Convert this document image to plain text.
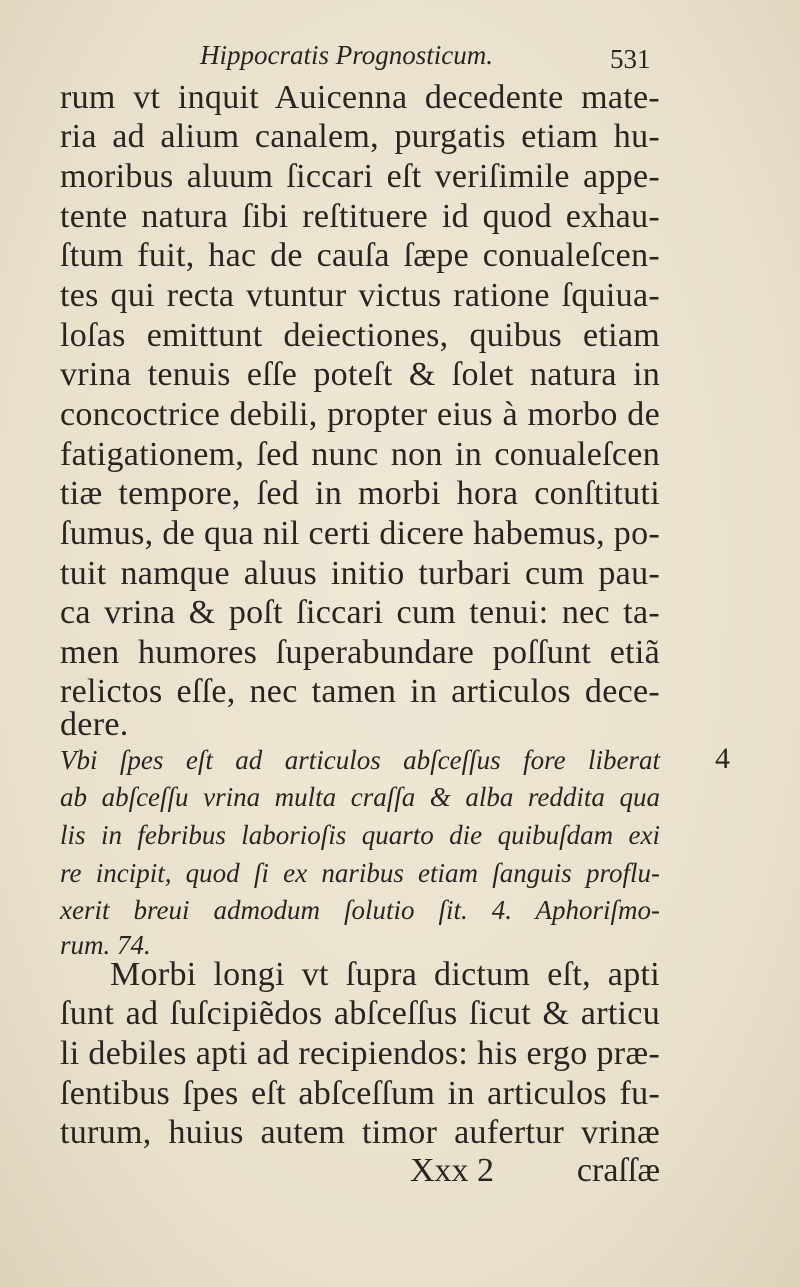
Hippocratis Prognosticum.	531
rum vt inquit Auicenna decedente mate-
ria ad alium canalem, purgatis etiam hu-
moribus aluum ſiccari eſt veriſimile appe-
tente natura ſibi reſtituere id quod exhau-
ſtum fuit, hac de cauſa ſæpe conualeſcen-
tes qui recta vtuntur victus ratione ſquiua-
loſas emittunt deiectiones, quibus etiam
vrina tenuis eſſe poteſt & ſolet natura in
concoctrice debili, propter eius à morbo de
fatigationem, ſed nunc non in conualeſcen
tiæ tempore, ſed in morbi hora conſtituti
ſumus, de qua nil certi dicere habemus, po-
tuit namque aluus initio turbari cum pau-
ca vrina & poſt ſiccari cum tenui: nec ta-
men humores ſuperabundare poſſunt etiã
relictos eſſe, nec tamen in articulos dece-
dere.
Vbi ſpes eſt ad articulos abſceſſus fore liberat
ab abſceſſu vrina multa craſſa & alba reddita qua
lis in febribus laborioſis quarto die quibuſdam exi
re incipit, quod ſi ex naribus etiam ſanguis proflu-
xerit breui admodum ſolutio ſit. 4. Aphoriſmo-
rum. 74.
4
Morbi longi vt ſupra dictum eſt, apti
ſunt ad ſuſcipiẽdos abſceſſus ſicut & articu
li debiles apti ad recipiendos: his ergo præ-
ſentibus ſpes eſt abſceſſum in articulos fu-
turum, huius autem timor aufertur vrinæ
Xxx 2 craſſæ
